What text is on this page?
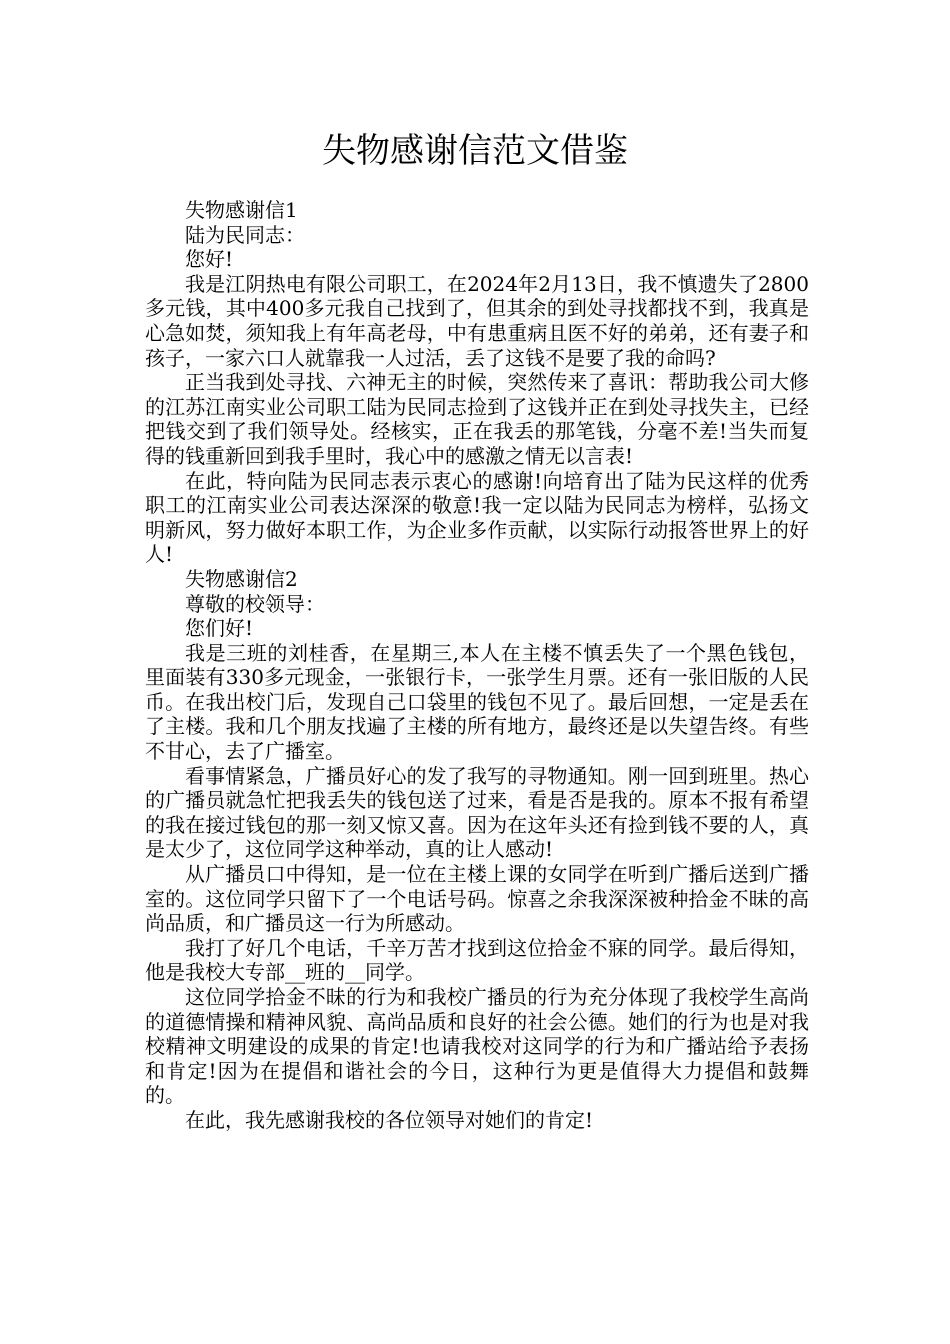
失物感谢信范文借鉴

失物感谢信1

陆为民同志：

您好!

我是江阴热电有限公司职工，在2024年2月13日，我不慎遗失了2800多元钱，其中400多元我自己找到了，但其余的到处寻找都找不到，我真是心急如焚，须知我上有年高老母，中有患重病且医不好的弟弟，还有妻子和孩子，一家六口人就靠我一人过活，丢了这钱不是要了我的命吗?

正当我到处寻找、六神无主的时候，突然传来了喜讯：帮助我公司大修的江苏江南实业公司职工陆为民同志捡到了这钱并正在到处寻找失主，已经把钱交到了我们领导处。经核实，正在我丢的那笔钱，分毫不差!当失而复得的钱重新回到我手里时，我心中的感激之情无以言表!

在此，特向陆为民同志表示衷心的感谢!向培育出了陆为民这样的优秀职工的江南实业公司表达深深的敬意!我一定以陆为民同志为榜样，弘扬文明新风，努力做好本职工作，为企业多作贡献，以实际行动报答世界上的好人!

失物感谢信2

尊敬的校领导：

您们好!

我是三班的刘桂香，在星期三,本人在主楼不慎丢失了一个黑色钱包，里面装有330多元现金，一张银行卡，一张学生月票。还有一张旧版的人民币。在我出校门后，发现自己口袋里的钱包不见了。最后回想，一定是丢在了主楼。我和几个朋友找遍了主楼的所有地方，最终还是以失望告终。有些不甘心，去了广播室。

看事情紧急，广播员好心的发了我写的寻物通知。刚一回到班里。热心的广播员就急忙把我丢失的钱包送了过来，看是否是我的。原本不报有希望的我在接过钱包的那一刻又惊又喜。因为在这年头还有捡到钱不要的人，真是太少了，这位同学这种举动，真的让人感动!

从广播员口中得知，是一位在主楼上课的女同学在听到广播后送到广播室的。这位同学只留下了一个电话号码。惊喜之余我深深被种拾金不昧的高尚品质，和广播员这一行为所感动。

我打了好几个电话，千辛万苦才找到这位拾金不寐的同学。最后得知，他是我校大专部__班的__同学。

这位同学拾金不昧的行为和我校广播员的行为充分体现了我校学生高尚的道德情操和精神风貌、高尚品质和良好的社会公德。她们的行为也是对我校精神文明建设的成果的肯定!也请我校对这同学的行为和广播站给予表扬和肯定!因为在提倡和谐社会的今日，这种行为更是值得大力提倡和鼓舞的。

在此，我先感谢我校的各位领导对她们的肯定!
